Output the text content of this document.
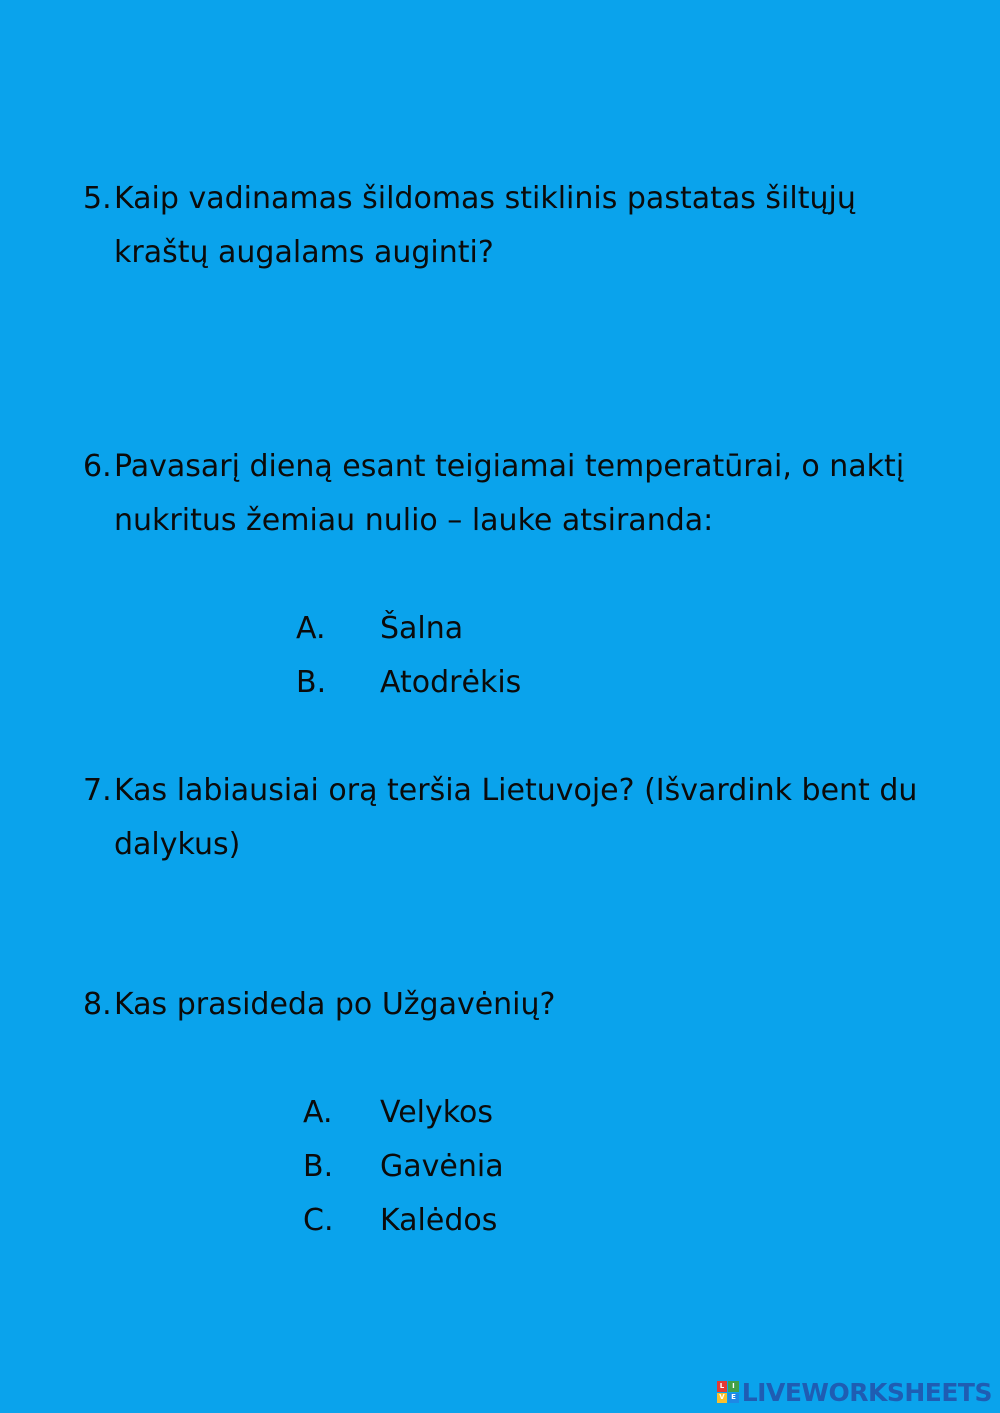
5. Kaip vadinamas šildomas stiklinis pastatas šiltųjų kraštų augalams auginti?
6. Pavasarį dieną esant teigiamai temperatūrai, o naktį nukritus žemiau nulio – lauke atsiranda:
A. Šalna
B. Atodrėkis
7. Kas labiausiai orą teršia Lietuvoje? (Išvardink bent du dalykus)
8. Kas prasideda po Užgavėnių?
A. Velykos
B. Gavėnia
C. Kalėdos
L	I
V E LIVEWORKSHEETS
